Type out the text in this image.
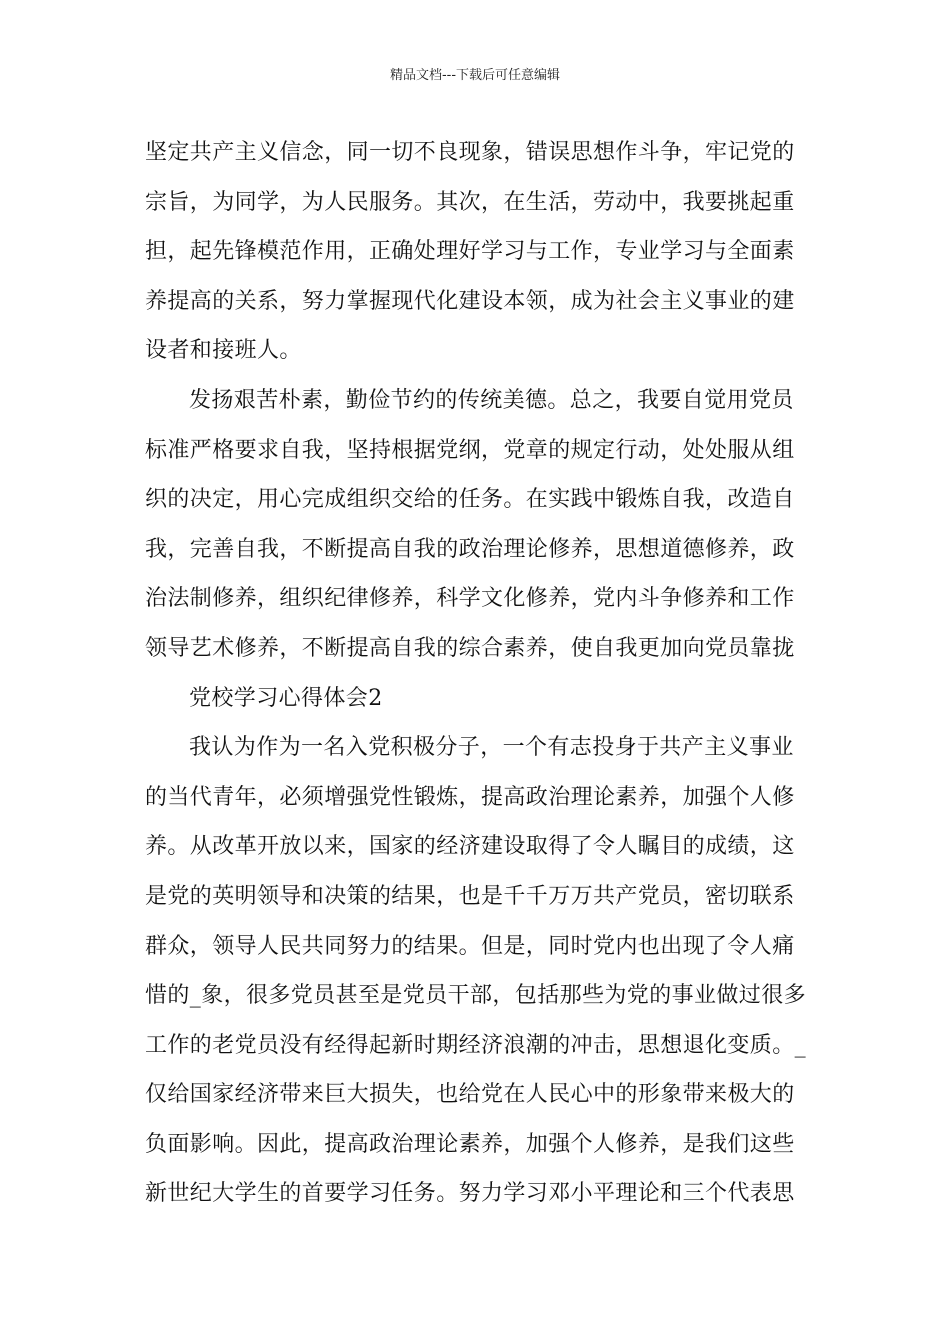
精品文档---下载后可任意编辑
坚定共产主义信念，同一切不良现象，错误思想作斗争，牢记党的
宗旨，为同学，为人民服务。其次，在生活，劳动中，我要挑起重
担，起先锋模范作用，正确处理好学习与工作，专业学习与全面素
养提高的关系，努力掌握现代化建设本领，成为社会主义事业的建
设者和接班人。
发扬艰苦朴素，勤俭节约的传统美德。总之，我要自觉用党员
标准严格要求自我，坚持根据党纲，党章的规定行动，处处服从组
织的决定，用心完成组织交给的任务。在实践中锻炼自我，改造自
我，完善自我，不断提高自我的政治理论修养，思想道德修养，政
治法制修养，组织纪律修养，科学文化修养，党内斗争修养和工作
领导艺术修养，不断提高自我的综合素养，使自我更加向党员靠拢
党校学习心得体会2
我认为作为一名入党积极分子，一个有志投身于共产主义事业
的当代青年，必须增强党性锻炼，提高政治理论素养，加强个人修
养。从改革开放以来，国家的经济建设取得了令人瞩目的成绩，这
是党的英明领导和决策的结果，也是千千万万共产党员，密切联系
群众，领导人民共同努力的结果。但是，同时党内也出现了令人痛
惜的_象，很多党员甚至是党员干部，包括那些为党的事业做过很多
工作的老党员没有经得起新时期经济浪潮的冲击，思想退化变质。_
仅给国家经济带来巨大损失，也给党在人民心中的形象带来极大的
负面影响。因此，提高政治理论素养，加强个人修养，是我们这些
新世纪大学生的首要学习任务。努力学习邓小平理论和三个代表思
